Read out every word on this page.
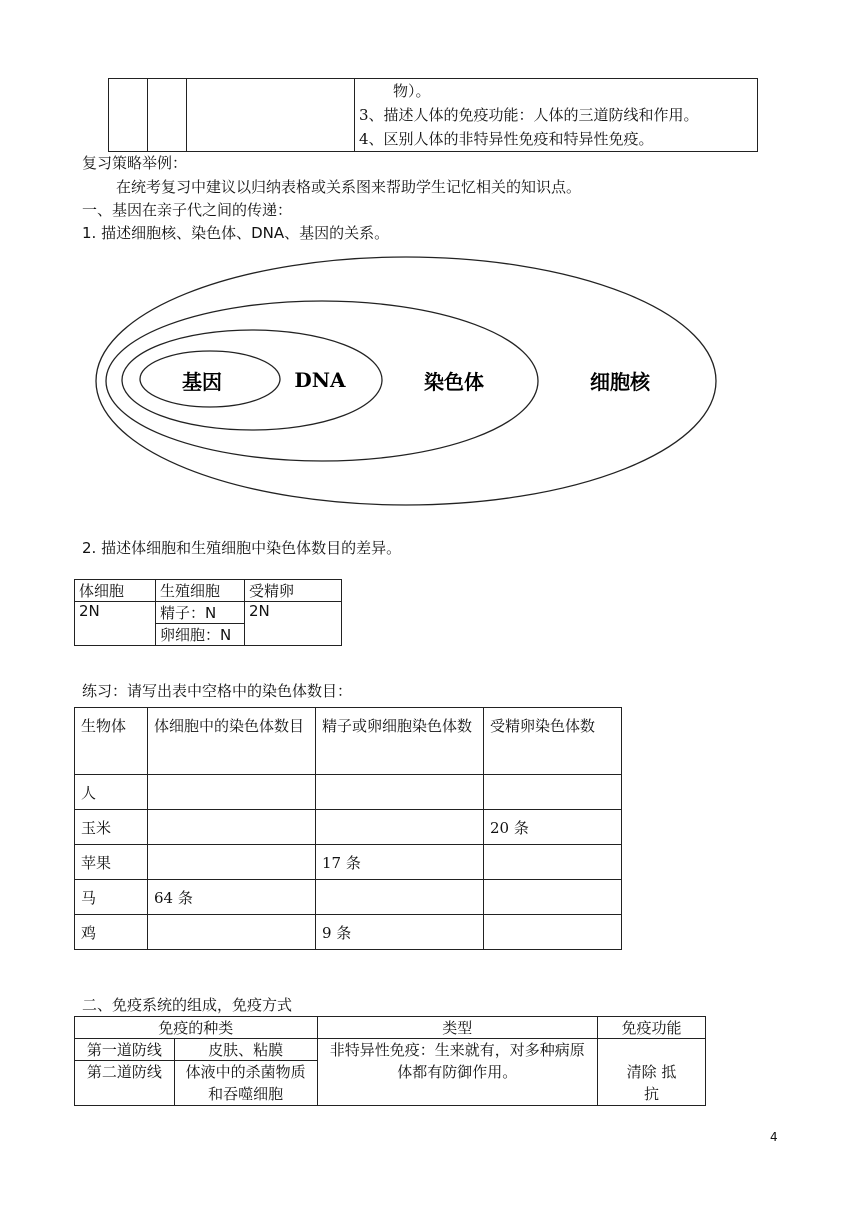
物）。
3、描述人体的免疫功能：人体的三道防线和作用。
4、区别人体的非特异性免疫和特异性免疫。
复习策略举例：
在统考复习中建议以归纳表格或关系图来帮助学生记忆相关的知识点。
一、基因在亲子代之间的传递：
1. 描述细胞核、染色体、DNA、基因的关系。
基因	DNA	染色体	细胞核
2. 描述体细胞和生殖细胞中染色体数目的差异。
体细胞	生殖细胞	受精卵
2N	精子：N	2N
	卵细胞：N	
练习：请写出表中空格中的染色体数目：
生物体	体细胞中的染色体数目	精子或卵细胞染色体数	受精卵染色体数
人			
玉米			20 条
苹果		17 条	
马	64 条		
鸡		9 条	
二、免疫系统的组成，免疫方式
免疫的种类		类型	免疫功能
第一道防线	皮肤、粘膜	非特异性免疫：生来就有，对多种病原体都有防御作用。	清除 抵抗
第二道防线	体液中的杀菌物质和吞噬细胞		
4
